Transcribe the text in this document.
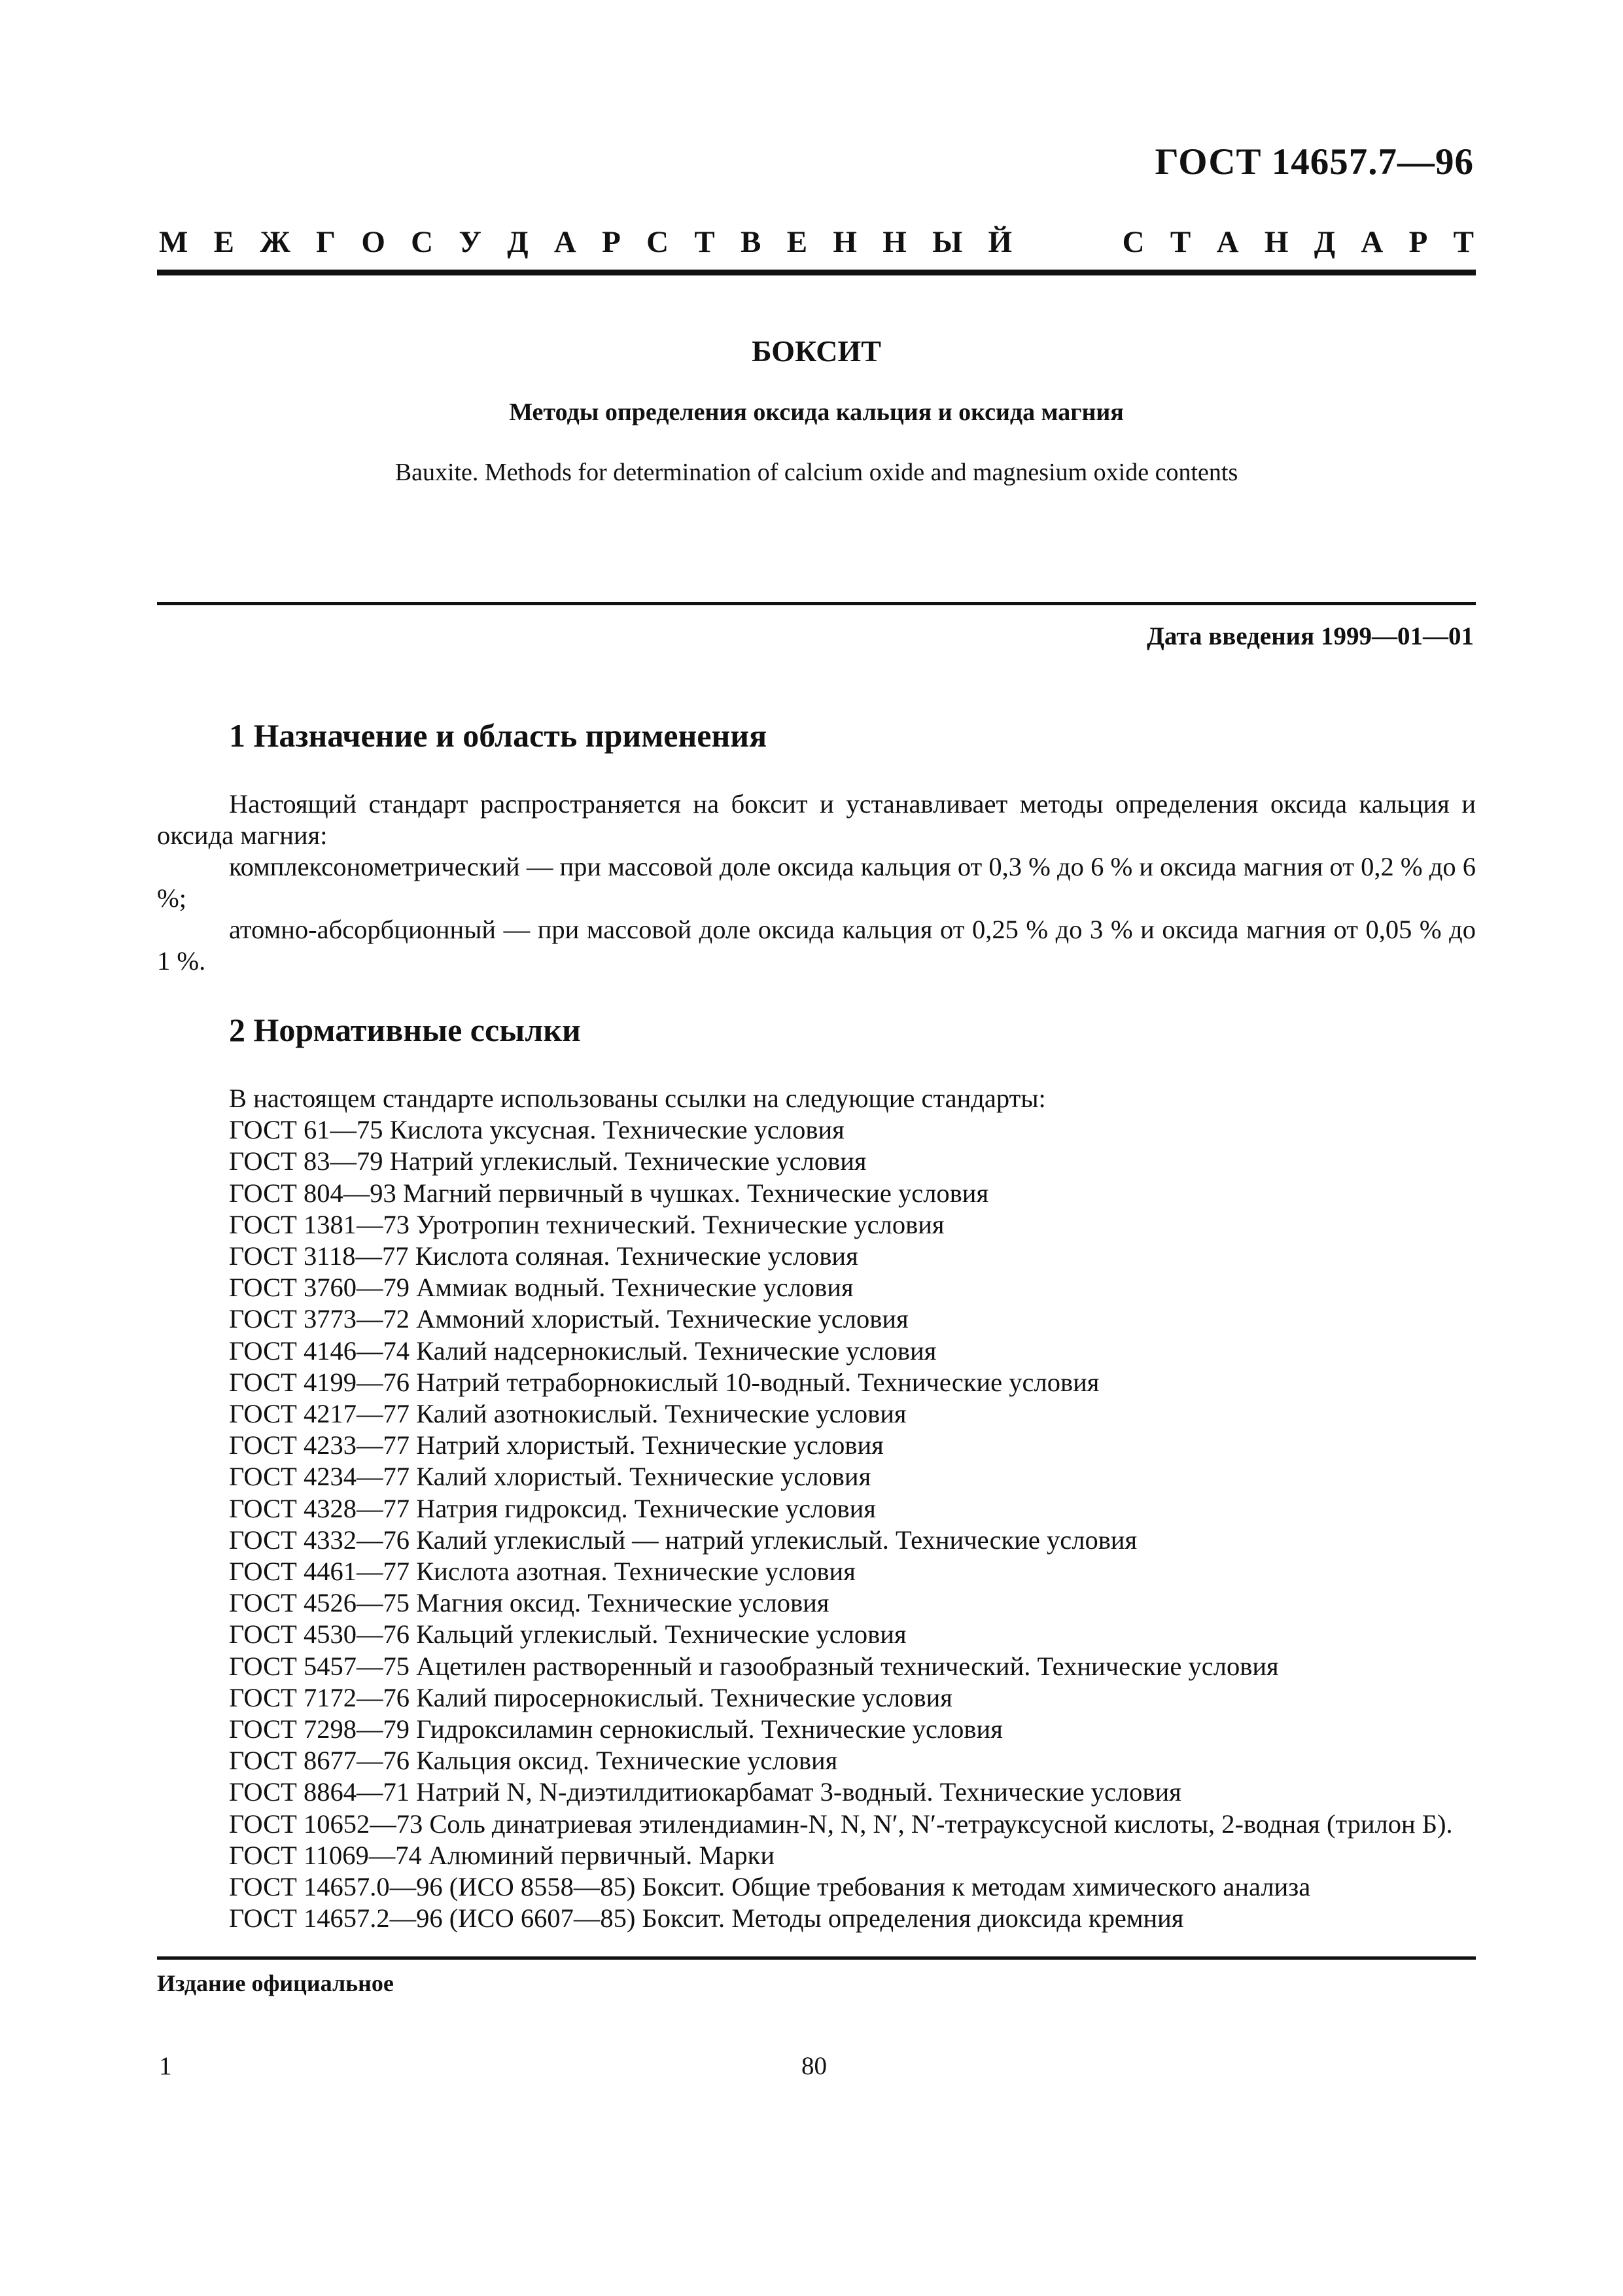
ГОСТ 14657.7—96
М Е Ж Г О С У Д А Р С Т В Е Н Н Ы Й	С Т А Н Д А Р Т
БОКСИТ
Методы определения оксида кальция и оксида магния
Bauxite. Methods for determination of calcium oxide and magnesium oxide contents
Дата введения 1999—01—01
1 Назначение и область применения

Настоящий стандарт распространяется на боксит и устанавливает методы определения оксида кальция и оксида магния:

комплексонометрический — при массовой доле оксида кальция от 0,3 % до 6 % и оксида магния от 0,2 % до 6 %;

атомно-абсорбционный — при массовой доле оксида кальция от 0,25 % до 3 % и оксида магния от 0,05 % до 1 %.

2 Нормативные ссылки

В настоящем стандарте использованы ссылки на следующие стандарты:

ГОСТ 61—75 Кислота уксусная. Технические условия

ГОСТ 83—79 Натрий углекислый. Технические условия

ГОСТ 804—93 Магний первичный в чушках. Технические условия

ГОСТ 1381—73 Уротропин технический. Технические условия

ГОСТ 3118—77 Кислота соляная. Технические условия

ГОСТ 3760—79 Аммиак водный. Технические условия

ГОСТ 3773—72 Аммоний хлористый. Технические условия

ГОСТ 4146—74 Калий надсернокислый. Технические условия

ГОСТ 4199—76 Натрий тетраборнокислый 10-водный. Технические условия

ГОСТ 4217—77 Калий азотнокислый. Технические условия

ГОСТ 4233—77 Натрий хлористый. Технические условия

ГОСТ 4234—77 Калий хлористый. Технические условия

ГОСТ 4328—77 Натрия гидроксид. Технические условия

ГОСТ 4332—76 Калий углекислый — натрий углекислый. Технические условия

ГОСТ 4461—77 Кислота азотная. Технические условия

ГОСТ 4526—75 Магния оксид. Технические условия

ГОСТ 4530—76 Кальций углекислый. Технические условия

ГОСТ 5457—75 Ацетилен растворенный и газообразный технический. Технические условия

ГОСТ 7172—76 Калий пиросернокислый. Технические условия

ГОСТ 7298—79 Гидроксиламин сернокислый. Технические условия

ГОСТ 8677—76 Кальция оксид. Технические условия

ГОСТ 8864—71 Натрий N, N-диэтилдитиокарбамат 3-водный. Технические условия

ГОСТ 10652—73 Соль динатриевая этилендиамин-N, N, N′, N′-тетрауксусной кислоты, 2-водная (трилон Б).

ГОСТ 11069—74 Алюминий первичный. Марки

ГОСТ 14657.0—96 (ИСО 8558—85) Боксит. Общие требования к методам химического анализа

ГОСТ 14657.2—96 (ИСО 6607—85) Боксит. Методы определения диоксида кремния

Издание официальное
1	80
